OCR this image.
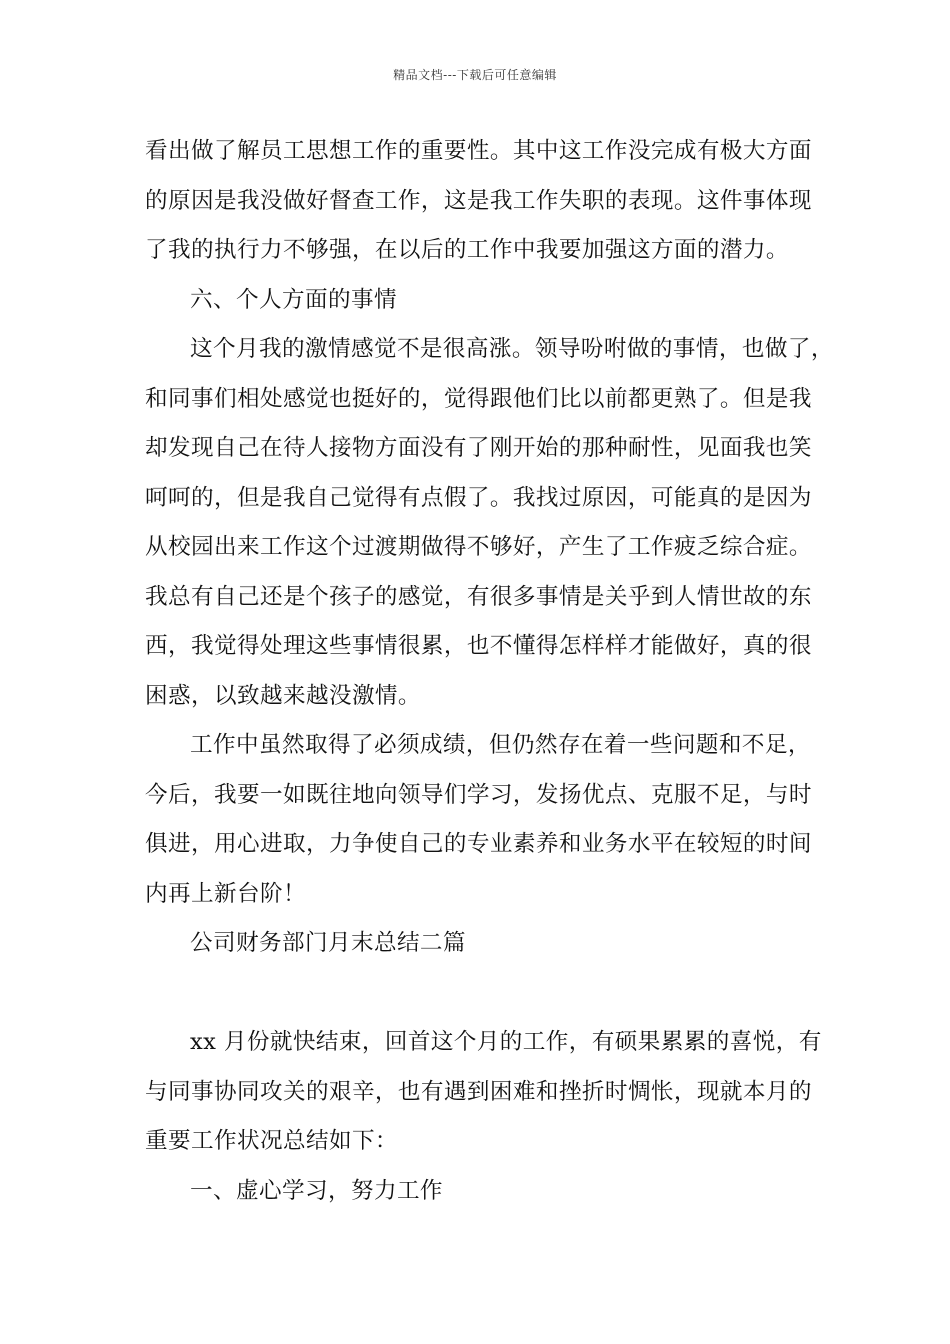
精品文档---下载后可任意编辑

看出做了解员工思想工作的重要性。其中这工作没完成有极大方面
的原因是我没做好督查工作，这是我工作失职的表现。这件事体现
了我的执行力不够强，在以后的工作中我要加强这方面的潜力。

六、个人方面的事情

这个月我的激情感觉不是很高涨。领导吩咐做的事情，也做了，
和同事们相处感觉也挺好的，觉得跟他们比以前都更熟了。但是我
却发现自己在待人接物方面没有了刚开始的那种耐性，见面我也笑
呵呵的，但是我自己觉得有点假了。我找过原因，可能真的是因为
从校园出来工作这个过渡期做得不够好，产生了工作疲乏综合症。
我总有自己还是个孩子的感觉，有很多事情是关乎到人情世故的东
西，我觉得处理这些事情很累，也不懂得怎样样才能做好，真的很
困惑，以致越来越没激情。

工作中虽然取得了必须成绩，但仍然存在着一些问题和不足，
今后，我要一如既往地向领导们学习，发扬优点、克服不足，与时
俱进，用心进取，力争使自己的专业素养和业务水平在较短的时间
内再上新台阶！

公司财务部门月末总结二篇

xx 月份就快结束，回首这个月的工作，有硕果累累的喜悦，有
与同事协同攻关的艰辛，也有遇到困难和挫折时惆怅，现就本月的
重要工作状况总结如下：

一、虚心学习，努力工作
